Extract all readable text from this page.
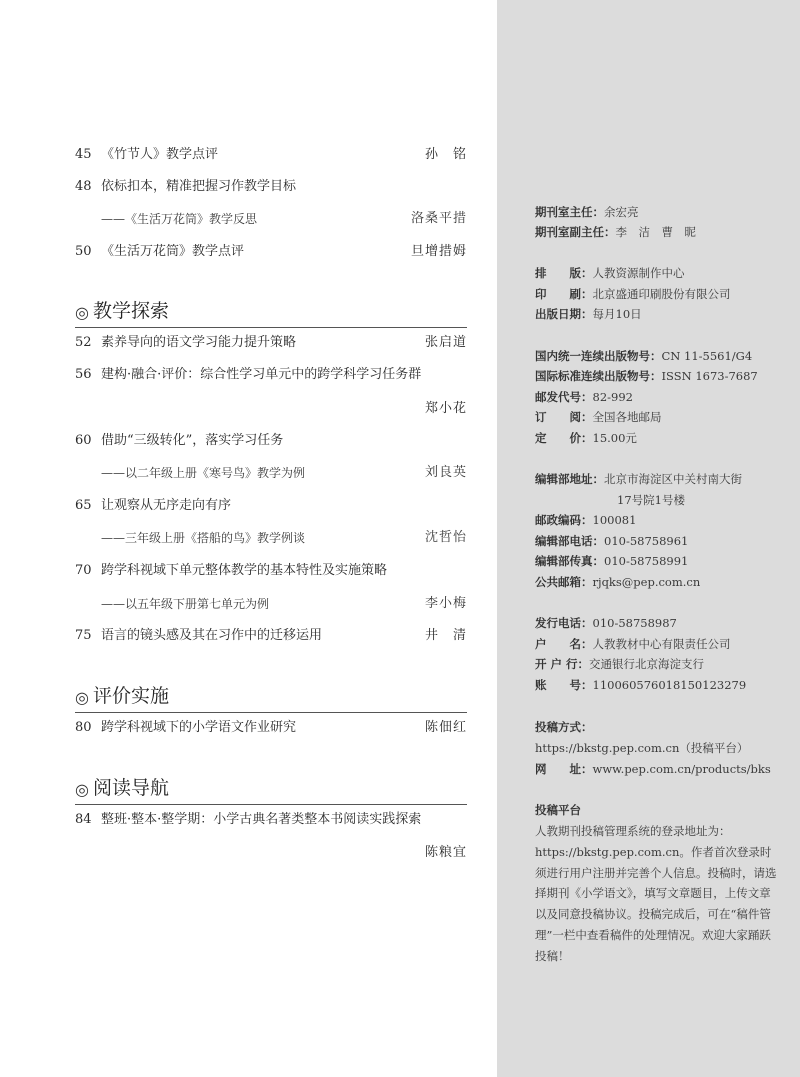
45 《竹节人》教学点评	孙　铭
48 依标扣本，精准把握习作教学目标
——《生活万花筒》教学反思	洛桑平措
50 《生活万花筒》教学点评	旦增措姆
◎ 教学探索
52 素养导向的语文学习能力提升策略	张启道
56 建构·融合·评价：综合性学习单元中的跨学科学习任务群
郑小花
60 借助“三级转化”，落实学习任务
——以二年级上册《寒号鸟》教学为例	刘良英
65 让观察从无序走向有序
——三年级上册《搭船的鸟》教学例谈	沈哲怡
70 跨学科视域下单元整体教学的基本特性及实施策略
——以五年级下册第七单元为例	李小梅
75 语言的镜头感及其在习作中的迁移运用	井　清
◎ 评价实施
80 跨学科视域下的小学语文作业研究	陈佃红
◎ 阅读导航
84 整班·整本·整学期：小学古典名著类整本书阅读实践探索
陈粮宜
期刊室主任：余宏亮
期刊室副主任：李　洁　曹　昵
排　　版：人教资源制作中心
印　　刷：北京盛通印刷股份有限公司
出版日期：每月10日
国内统一连续出版物号：CN 11-5561/G4
国际标准连续出版物号：ISSN 1673-7687
邮发代号：82-992
订　　阅：全国各地邮局
定　　价：15.00元
编辑部地址：北京市海淀区中关村南大街
17号院1号楼
邮政编码：100081
编辑部电话：010-58758961
编辑部传真：010-58758991
公共邮箱：rjqks@pep.com.cn
发行电话：010-58758987
户　　名：人教教材中心有限责任公司
开 户 行：交通银行北京海淀支行
账　　号：110060576018150123279
投稿方式：
https://bkstg.pep.com.cn（投稿平台）
网　　址：www.pep.com.cn/products/bks
投稿平台
人教期刊投稿管理系统的登录地址为：https://bkstg.pep.com.cn。作者首次登录时须进行用户注册并完善个人信息。投稿时，请选择期刊《小学语文》，填写文章题目，上传文章以及同意投稿协议。投稿完成后，可在“稿件管理”一栏中查看稿件的处理情况。欢迎大家踊跃投稿！
